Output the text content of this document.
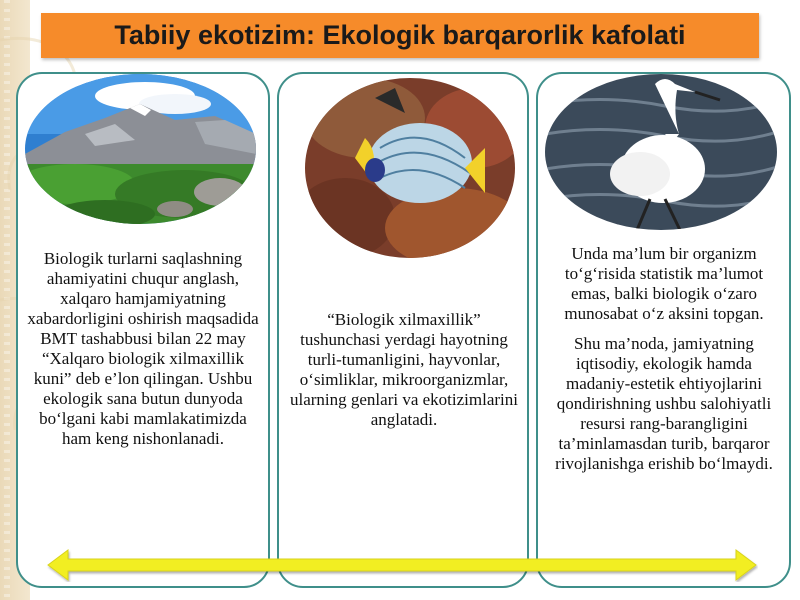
Tabiiy ekotizim: Ekologik barqarorlik kafolati
Biologik turlarni saqlashning ahamiyatini chuqur anglash, xalqaro hamjamiyatning xabardorligini oshirish maqsadida BMT tashabbusi bilan 22 may “Xalqaro biologik xilmaxillik kuni” deb e’lon qilingan. Ushbu ekologik sana butun dunyoda bo‘lgani kabi mamlakatimizda ham keng nishonlanadi.
“Biologik xilmaxillik” tushunchasi yerdagi hayotning turli-tumanligini, hayvonlar, o‘simliklar, mikroorganizmlar, ularning genlari va ekotizimlarini anglatadi.

Unda ma’lum bir organizm to‘g‘risida statistik ma’lumot emas, balki biologik o‘zaro munosabat o‘z aksini topgan.

Shu ma’noda, jamiyatning iqtisodiy, ekologik hamda madaniy-estetik ehtiyojlarini qondirishning ushbu salohiyatli resursi rang-barangligini ta’minlamasdan turib, barqaror rivojlanishga erishib bo‘lmaydi.
